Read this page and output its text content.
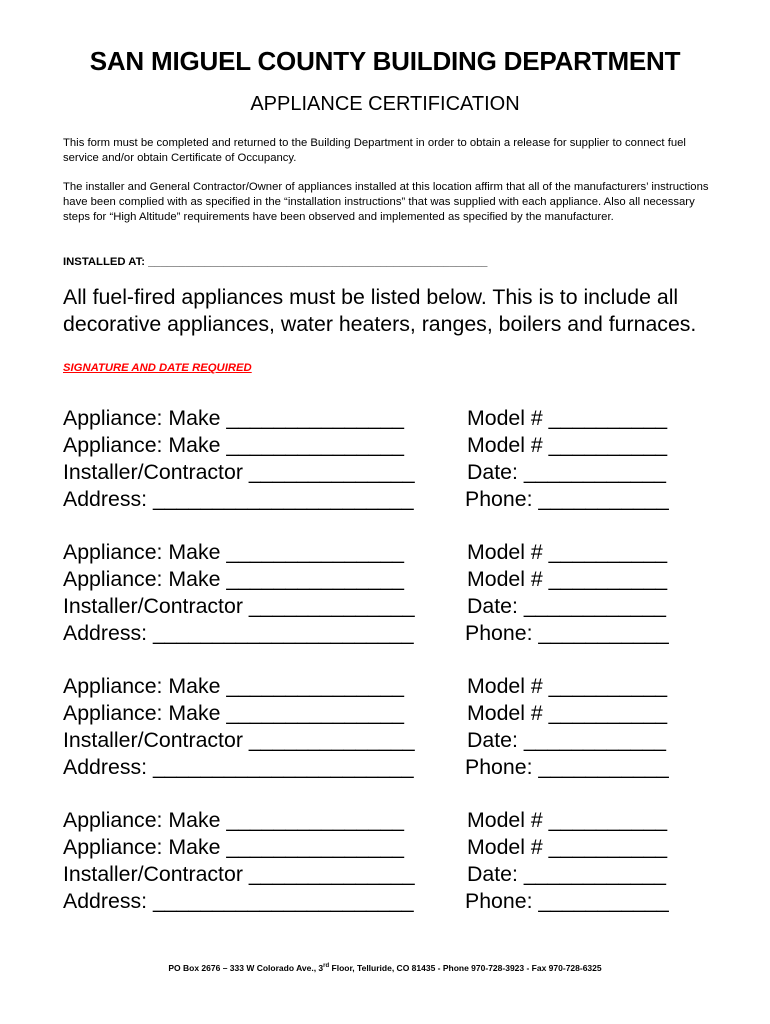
SAN MIGUEL COUNTY BUILDING DEPARTMENT
APPLIANCE CERTIFICATION
This form must be completed and returned to the Building Department in order to obtain a release for supplier to connect fuel service and/or obtain Certificate of Occupancy.
The installer and General Contractor/Owner of appliances installed at this location affirm that all of the manufacturers’ instructions have been complied with as specified in the “installation instructions” that was supplied with each appliance. Also all necessary steps for “High Altitude” requirements have been observed and implemented as specified by the manufacturer.
INSTALLED AT: ______________________________________________________
All fuel-fired appliances must be listed below. This is to include all decorative appliances, water heaters, ranges, boilers and furnaces.
SIGNATURE AND DATE REQUIRED
Appliance: Make _______________	Model # __________
Appliance: Make _______________	Model # __________
Installer/Contractor ______________ Date: ____________
Address: ______________________ Phone: ___________
Appliance: Make _______________	Model # __________
Appliance: Make _______________	Model # __________
Installer/Contractor ______________ Date: ____________
Address: ______________________ Phone: ___________
Appliance: Make _______________	Model # __________
Appliance: Make _______________	Model # __________
Installer/Contractor ______________ Date: ____________
Address: ______________________ Phone: ___________
Appliance: Make _______________	Model # __________
Appliance: Make _______________	Model # __________
Installer/Contractor ______________ Date: ____________
Address: ______________________ Phone: ___________
PO Box 2676 – 333 W Colorado Ave., 3rd Floor, Telluride, CO 81435 - Phone 970-728-3923 - Fax 970-728-6325
